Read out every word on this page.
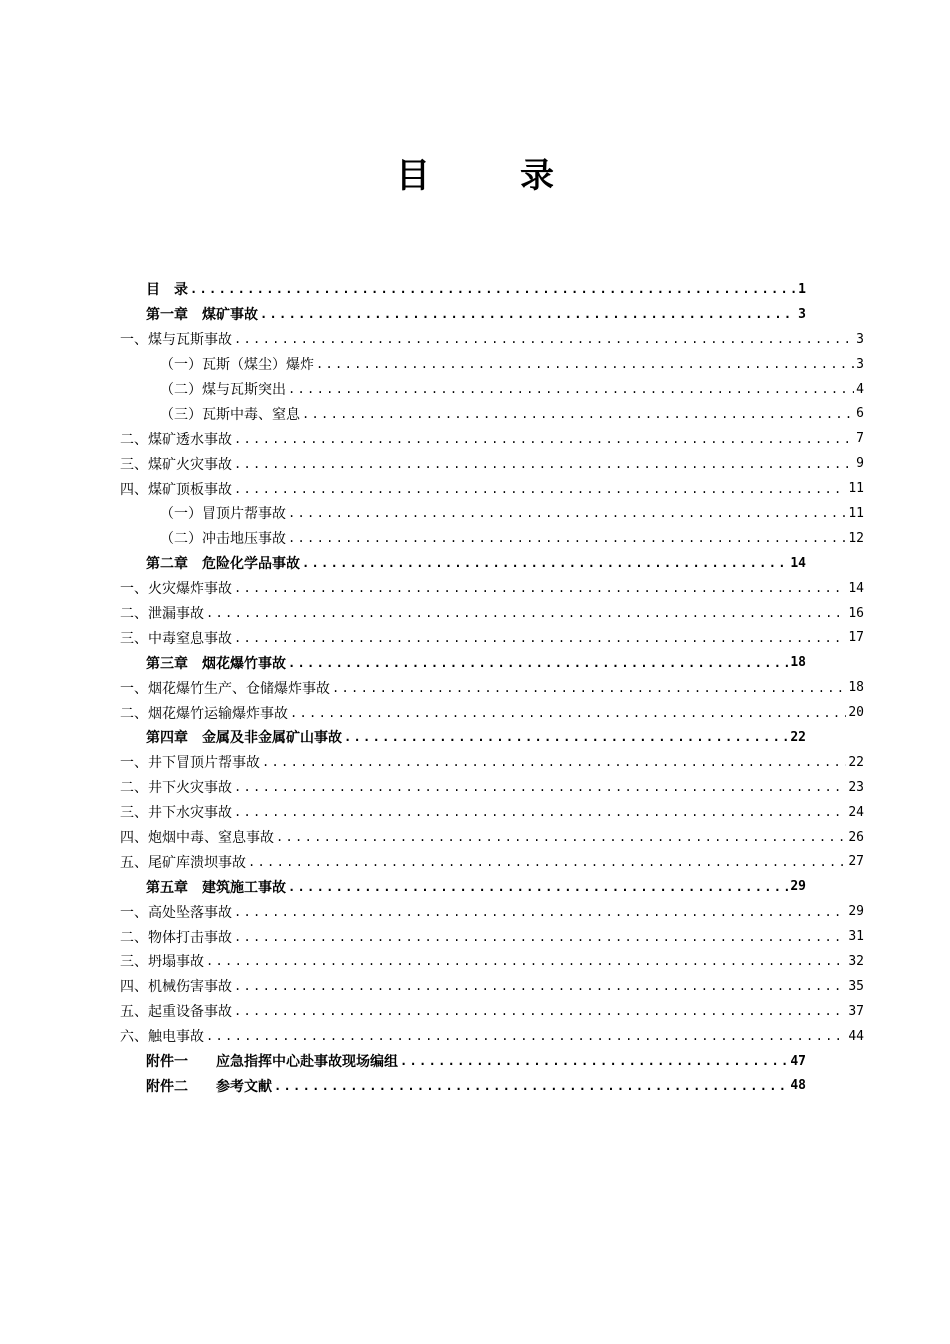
目　录
目　录 .....	1
第一章　煤矿事故 .....	3
一、煤与瓦斯事故 .....	3
（一）瓦斯（煤尘）爆炸 .....	3
（二）煤与瓦斯突出 .....	4
（三）瓦斯中毒、窒息 .....	6
二、煤矿透水事故 .....	7
三、煤矿火灾事故 .....	9
四、煤矿顶板事故 .....	11
（一）冒顶片帮事故 .....	11
（二）冲击地压事故 .....	12
第二章　危险化学品事故 .....	14
一、火灾爆炸事故 .....	14
二、泄漏事故 .....	16
三、中毒窒息事故 .....	17
第三章　烟花爆竹事故 .....	18
一、烟花爆竹生产、仓储爆炸事故 .....	18
二、烟花爆竹运输爆炸事故 .....	20
第四章　金属及非金属矿山事故 .....	22
一、井下冒顶片帮事故 .....	22
二、井下火灾事故 .....	23
三、井下水灾事故 .....	24
四、炮烟中毒、窒息事故 .....	26
五、尾矿库溃坝事故 .....	27
第五章　建筑施工事故 .....	29
一、高处坠落事故 .....	29
二、物体打击事故 .....	31
三、坍塌事故 .....	32
四、机械伤害事故 .....	35
五、起重设备事故 .....	37
六、触电事故 .....	44
附件一　　应急指挥中心赴事故现场编组 .....	47
附件二　　参考文献 .....	48
